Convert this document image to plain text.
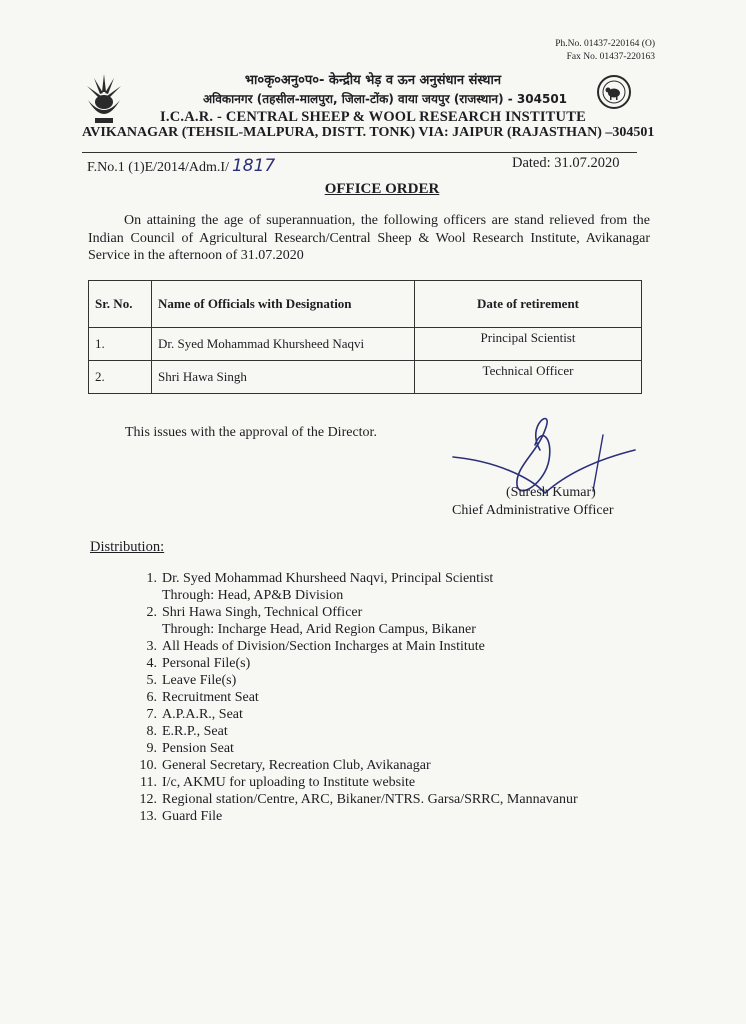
Ph.No. 01437-220164 (O)
Fax No. 01437-220163
भा०कृ०अनु०प०- केन्द्रीय भेड़ व ऊन अनुसंधान संस्थान
अविकानगर (तहसील-मालपुरा, जिला-टोंक) वाया जयपुर (राजस्थान) - 304501
I.C.A.R. - CENTRAL SHEEP & WOOL RESEARCH INSTITUTE
AVIKANAGAR (TEHSIL-MALPURA, DISTT. TONK) VIA: JAIPUR (RAJASTHAN) –304501
F.No.1 (1)E/2014/Adm.I/ 1817	Dated: 31.07.2020
OFFICE ORDER
On attaining the age of superannuation, the following officers are stand relieved from the Indian Council of Agricultural Research/Central Sheep & Wool Research Institute, Avikanagar Service in the afternoon of 31.07.2020
Sr. No.	Name of Officials with Designation	Date of retirement
1.	Dr. Syed Mohammad Khursheed Naqvi	Principal Scientist
2.	Shri Hawa Singh	Technical Officer
This issues with the approval of the Director.
(Suresh Kumar)
Chief Administrative Officer
Distribution:
1. Dr. Syed Mohammad Khursheed Naqvi, Principal Scientist
Through: Head, AP&B Division
2. Shri Hawa Singh, Technical Officer
Through: Incharge Head, Arid Region Campus, Bikaner
3. All Heads of Division/Section Incharges at Main Institute
4. Personal File(s)
5. Leave File(s)
6. Recruitment Seat
7. A.P.A.R., Seat
8. E.R.P., Seat
9. Pension Seat
10. General Secretary, Recreation Club, Avikanagar
11. I/c, AKMU for uploading to Institute website
12. Regional station/Centre, ARC, Bikaner/NTRS. Garsa/SRRC, Mannavanur
13. Guard File
